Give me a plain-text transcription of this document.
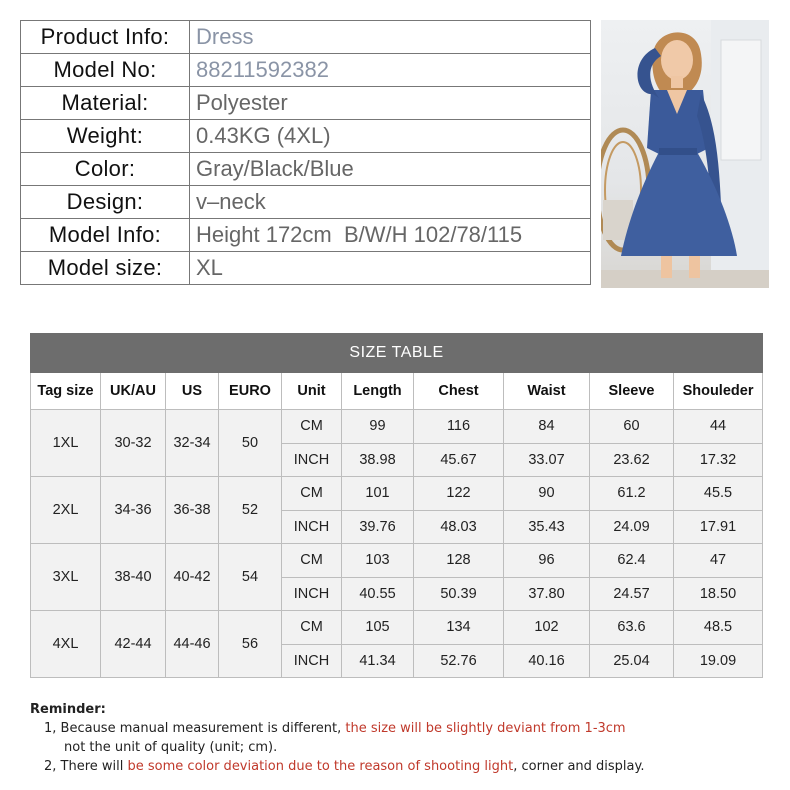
Product Info:	Dress
Model No:	88211592382
Material:	Polyester
Weight:	0.43KG (4XL)
Color:	Gray/Black/Blue
Design:	v–neck
Model Info:	Height 172cm  B/W/H 102/78/115
Model size:	XL
SIZE TABLE									
Tag size	UK/AU	US	EURO	Unit	Length	Chest	Waist	Sleeve	Shouleder
1XL	30-32	32-34	50	CM	99	116	84	60	44
				INCH	38.98	45.67	33.07	23.62	17.32
2XL	34-36	36-38	52	CM	101	122	90	61.2	45.5
				INCH	39.76	48.03	35.43	24.09	17.91
3XL	38-40	40-42	54	CM	103	128	96	62.4	47
				INCH	40.55	50.39	37.80	24.57	18.50
4XL	42-44	44-46	56	CM	105	134	102	63.6	48.5
				INCH	41.34	52.76	40.16	25.04	19.09
Reminder:
1, Because manual measurement is different, the size will be slightly deviant from 1-3cm
not the unit of quality (unit; cm).
2, There will be some color deviation due to the reason of shooting light, corner and display.
